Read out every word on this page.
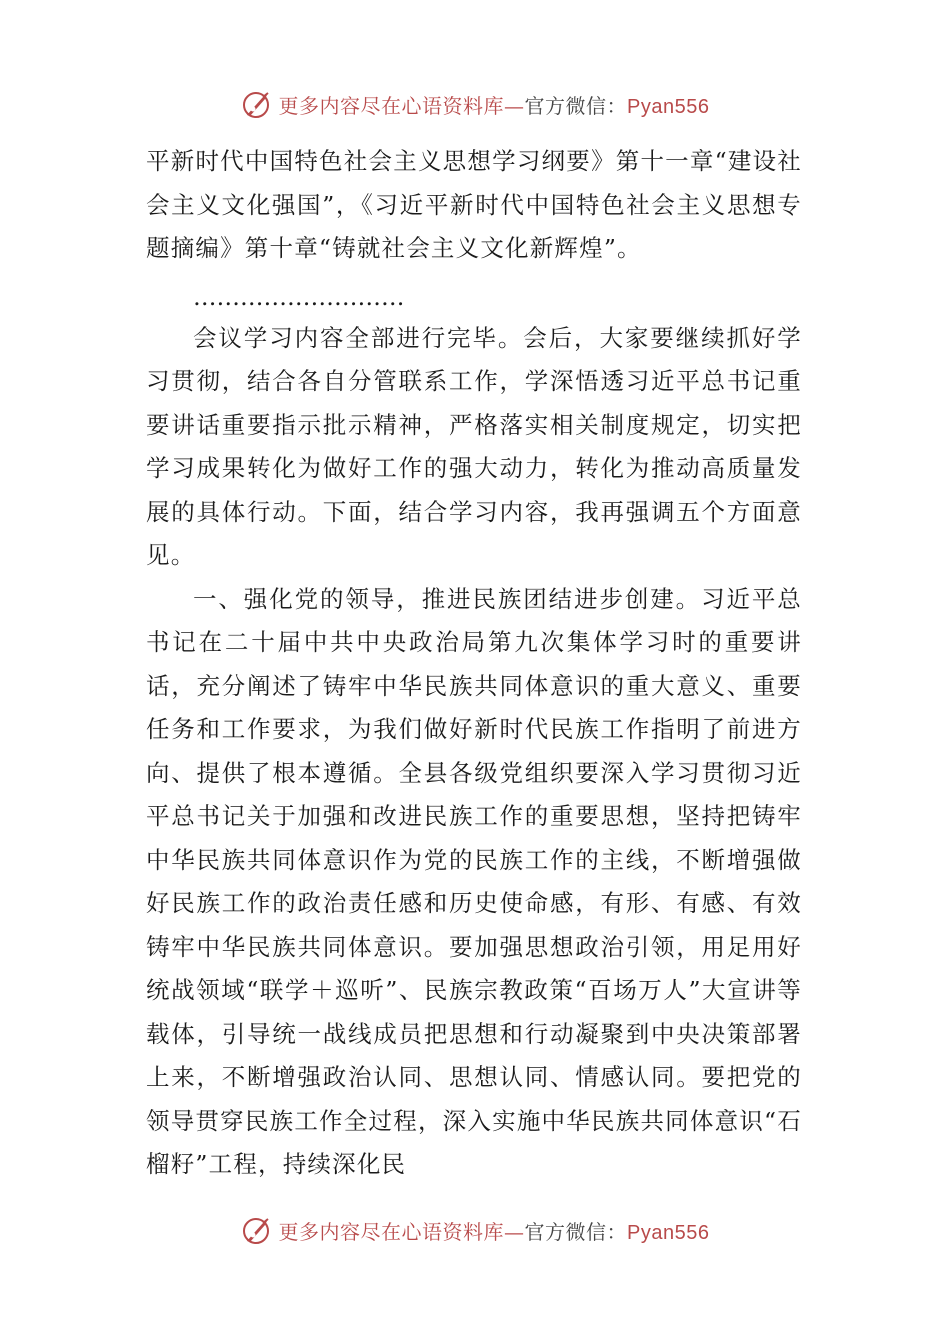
更多内容尽在心语资料库—官方微信：Pyan556

平新时代中国特色社会主义思想学习纲要》第十一章“建设社会主义文化强国”，《习近平新时代中国特色社会主义思想专题摘编》第十章“铸就社会主义文化新辉煌”。

………………………

会议学习内容全部进行完毕。会后，大家要继续抓好学习贯彻，结合各自分管联系工作，学深悟透习近平总书记重要讲话重要指示批示精神，严格落实相关制度规定，切实把学习成果转化为做好工作的强大动力，转化为推动高质量发展的具体行动。下面，结合学习内容，我再强调五个方面意见。

一、强化党的领导，推进民族团结进步创建。习近平总书记在二十届中共中央政治局第九次集体学习时的重要讲话，充分阐述了铸牢中华民族共同体意识的重大意义、重要任务和工作要求，为我们做好新时代民族工作指明了前进方向、提供了根本遵循。全县各级党组织要深入学习贯彻习近平总书记关于加强和改进民族工作的重要思想，坚持把铸牢中华民族共同体意识作为党的民族工作的主线，不断增强做好民族工作的政治责任感和历史使命感，有形、有感、有效铸牢中华民族共同体意识。要加强思想政治引领，用足用好统战领域“联学＋巡听”、民族宗教政策“百场万人”大宣讲等载体，引导统一战线成员把思想和行动凝聚到中央决策部署上来，不断增强政治认同、思想认同、情感认同。要把党的领导贯穿民族工作全过程，深入实施中华民族共同体意识“石榴籽”工程，持续深化民

更多内容尽在心语资料库—官方微信：Pyan556
